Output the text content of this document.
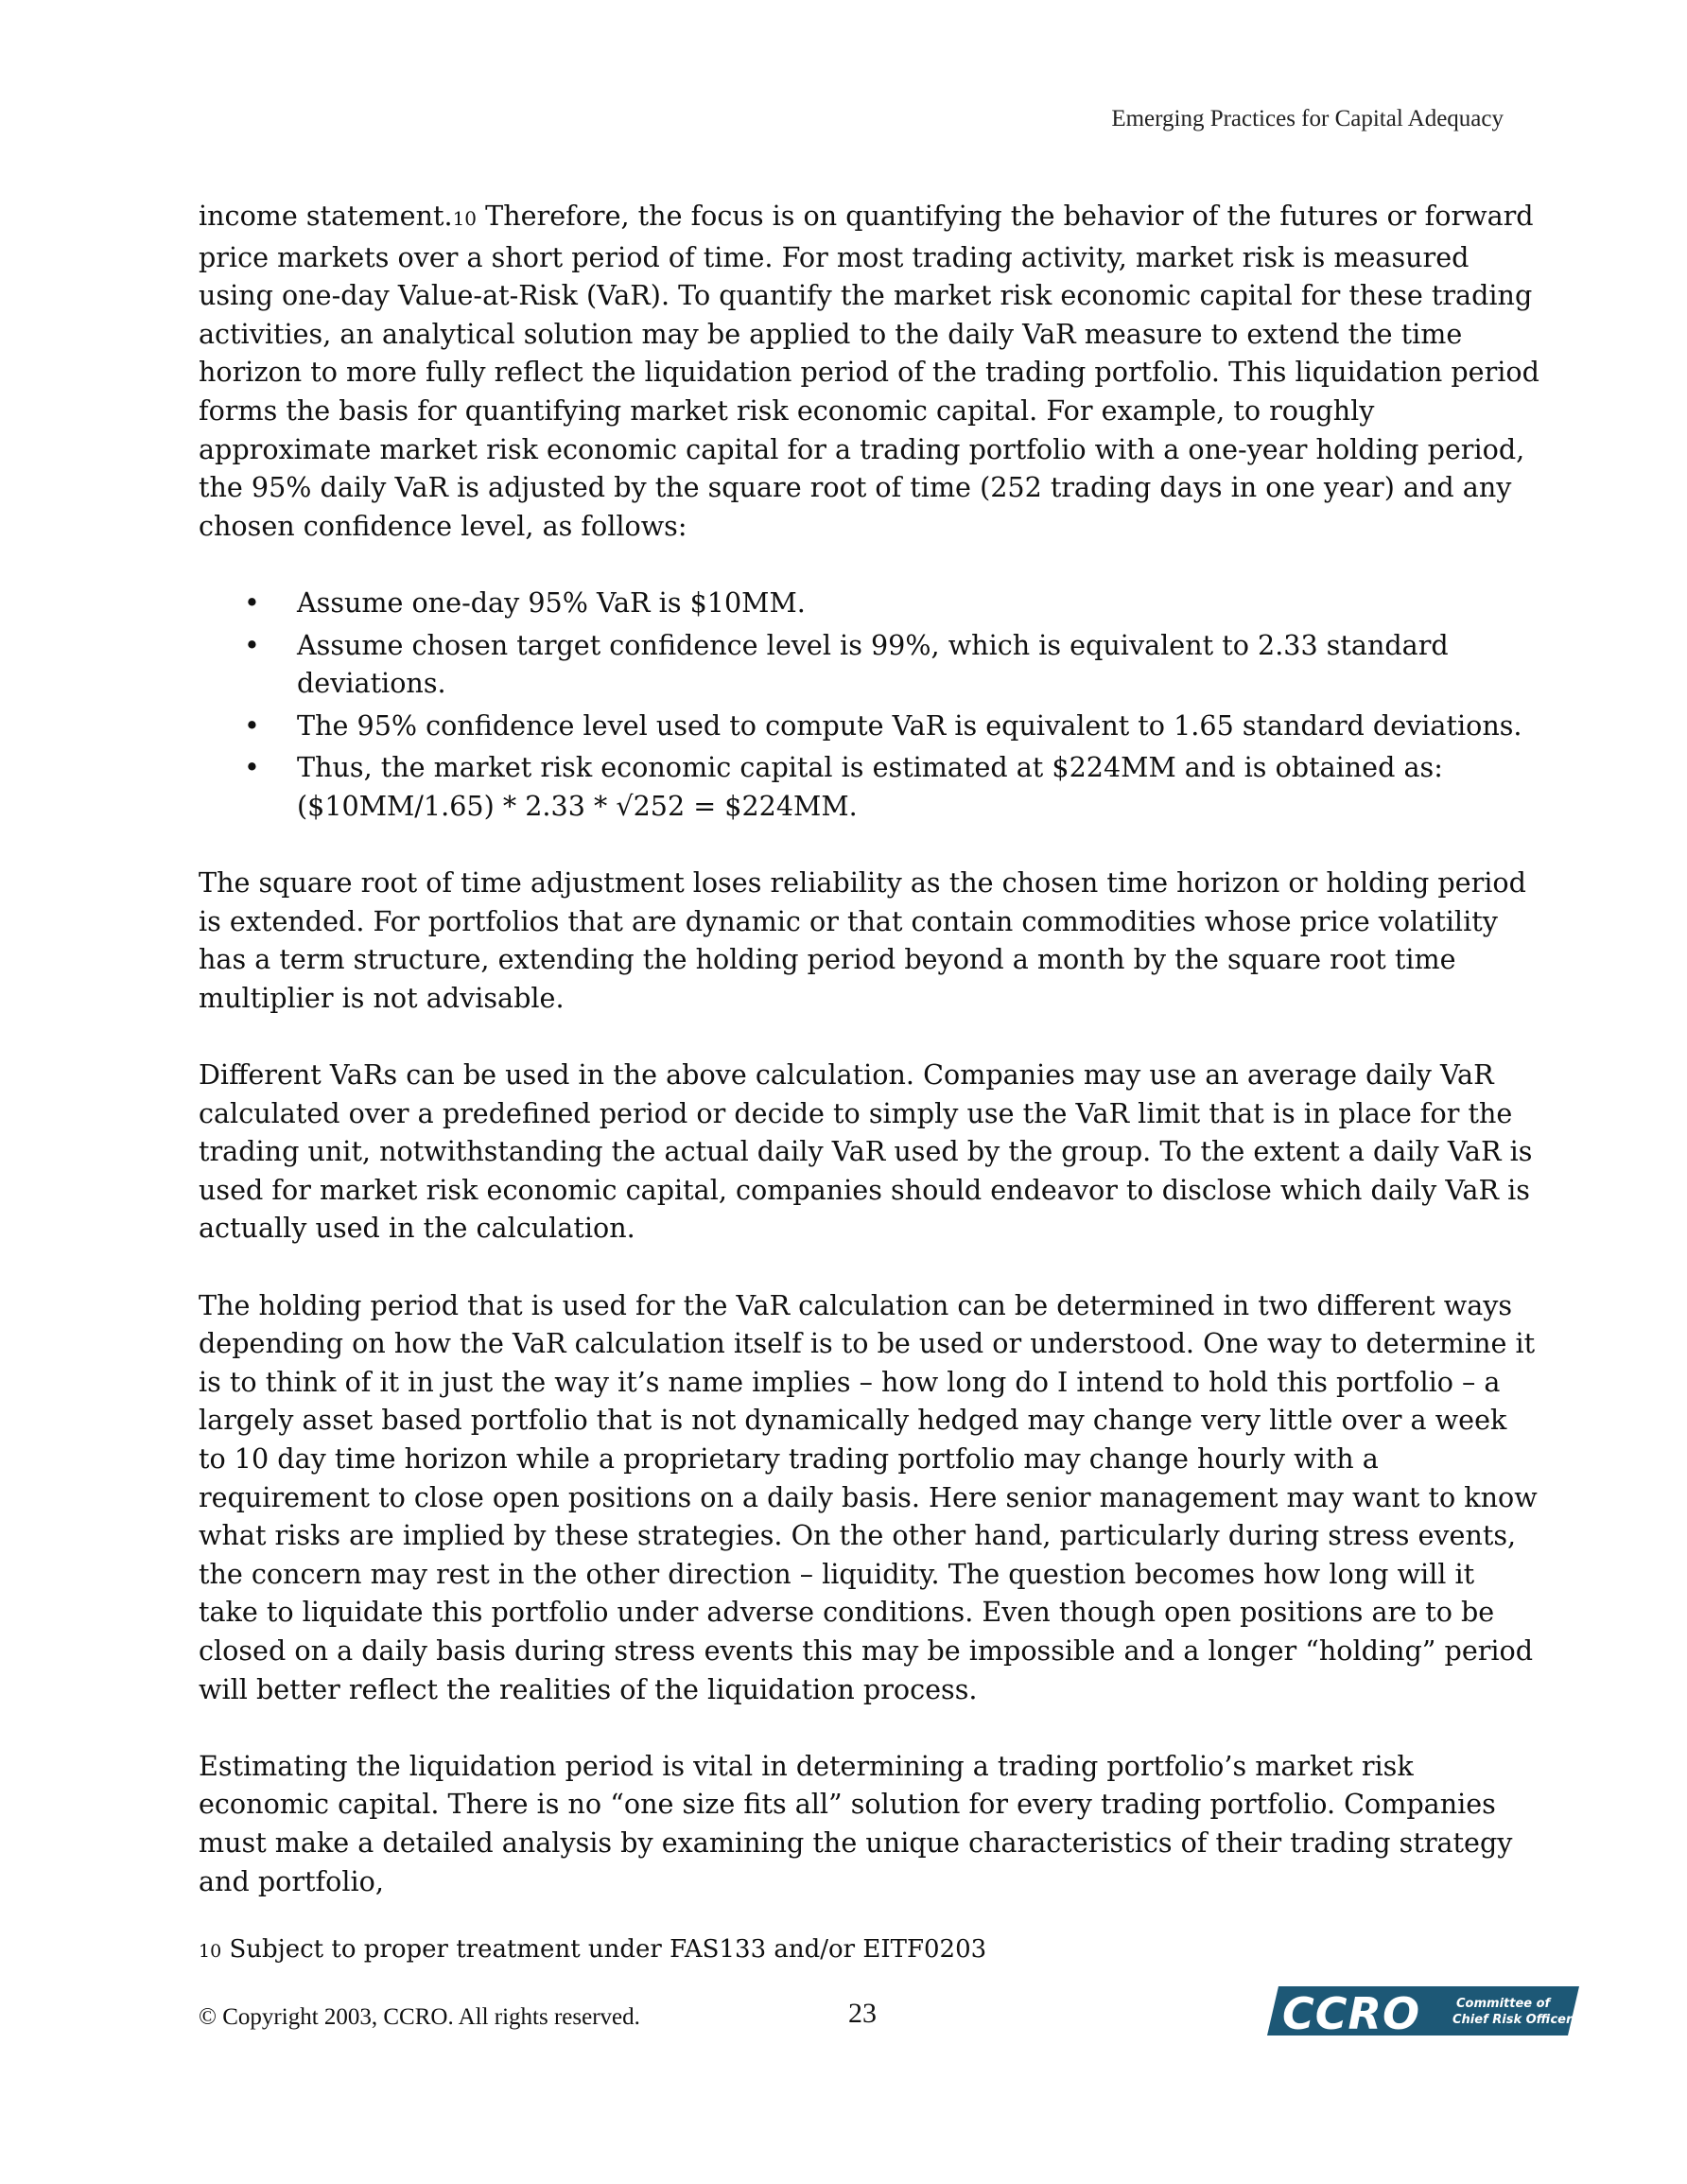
Emerging Practices for Capital Adequacy

income statement.10 Therefore, the focus is on quantifying the behavior of the futures or forward price markets over a short period of time. For most trading activity, market risk is measured using one-day Value-at-Risk (VaR). To quantify the market risk economic capital for these trading activities, an analytical solution may be applied to the daily VaR measure to extend the time horizon to more fully reflect the liquidation period of the trading portfolio. This liquidation period forms the basis for quantifying market risk economic capital. For example, to roughly approximate market risk economic capital for a trading portfolio with a one-year holding period, the 95% daily VaR is adjusted by the square root of time (252 trading days in one year) and any chosen confidence level, as follows:

• Assume one-day 95% VaR is $10MM.
• Assume chosen target confidence level is 99%, which is equivalent to 2.33 standard deviations.
• The 95% confidence level used to compute VaR is equivalent to 1.65 standard deviations.
• Thus, the market risk economic capital is estimated at $224MM and is obtained as: ($10MM/1.65) * 2.33 * √252 = $224MM.

The square root of time adjustment loses reliability as the chosen time horizon or holding period is extended. For portfolios that are dynamic or that contain commodities whose price volatility has a term structure, extending the holding period beyond a month by the square root time multiplier is not advisable.

Different VaRs can be used in the above calculation. Companies may use an average daily VaR calculated over a predefined period or decide to simply use the VaR limit that is in place for the trading unit, notwithstanding the actual daily VaR used by the group. To the extent a daily VaR is used for market risk economic capital, companies should endeavor to disclose which daily VaR is actually used in the calculation.

The holding period that is used for the VaR calculation can be determined in two different ways depending on how the VaR calculation itself is to be used or understood. One way to determine it is to think of it in just the way it’s name implies – how long do I intend to hold this portfolio – a largely asset based portfolio that is not dynamically hedged may change very little over a week to 10 day time horizon while a proprietary trading portfolio may change hourly with a requirement to close open positions on a daily basis. Here senior management may want to know what risks are implied by these strategies. On the other hand, particularly during stress events, the concern may rest in the other direction – liquidity. The question becomes how long will it take to liquidate this portfolio under adverse conditions. Even though open positions are to be closed on a daily basis during stress events this may be impossible and a longer “holding” period will better reflect the realities of the liquidation process.

Estimating the liquidation period is vital in determining a trading portfolio’s market risk economic capital. There is no “one size fits all” solution for every trading portfolio. Companies must make a detailed analysis by examining the unique characteristics of their trading strategy and portfolio,

10 Subject to proper treatment under FAS133 and/or EITF0203
© Copyright 2003, CCRO. All rights reserved.	23	CCRO	Committee of
Chief Risk Officers
